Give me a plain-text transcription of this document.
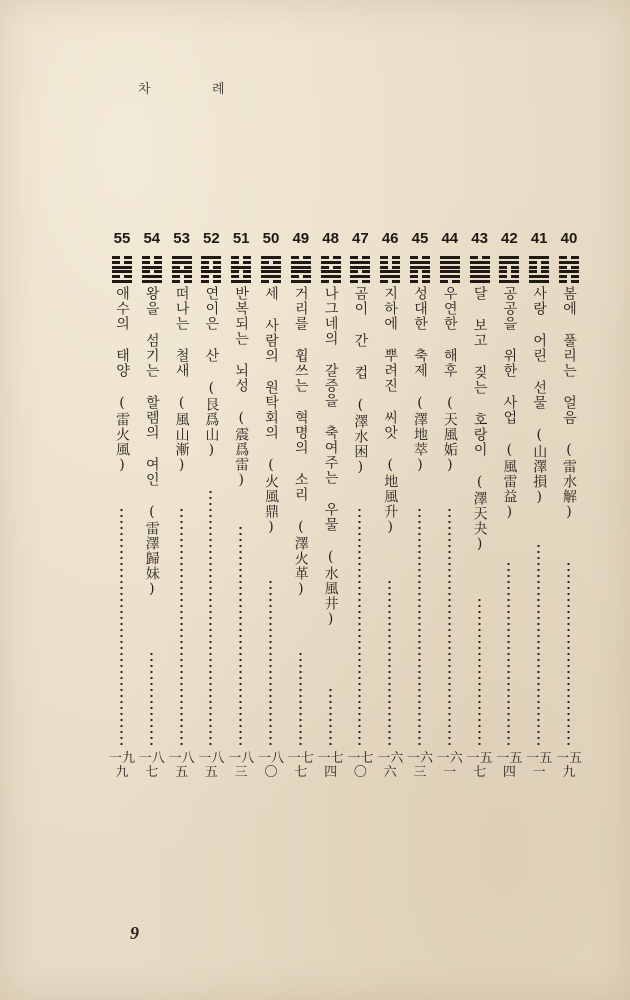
차	례
40
봄에 풀리는 얼음 (雷水解)
一五九
41
사랑 어린 선물 (山澤損)
一五一
42
공공을 위한 사업 (風雷益)
一五四
43
달 보고 짖는 호랑이 (澤天夬)
一五七
44
우연한 해후 (天風姤)
一六一
45
성대한 축제 (澤地萃)
一六三
46
지하에 뿌려진 씨앗 (地風升)
一六六
47
곰이 간 컵 (澤水困)
一七〇
48
나그네의 갈증을 축여주는 우물 (水風井)
一七四
49
거리를 휩쓰는 혁명의 소리 (澤火革)
一七七
50
세 사람의 원탁회의 (火風鼎)
一八〇
51
반복되는 뇌성 (震爲雷)
一八三
52
연이은 산 (艮爲山)
一八五
53
떠나는 철새 (風山漸)
一八五
54
왕을 섬기는 할렘의 여인 (雷澤歸妹)
一八七
55
애수의 태양 (雷火風)
一九九
9
